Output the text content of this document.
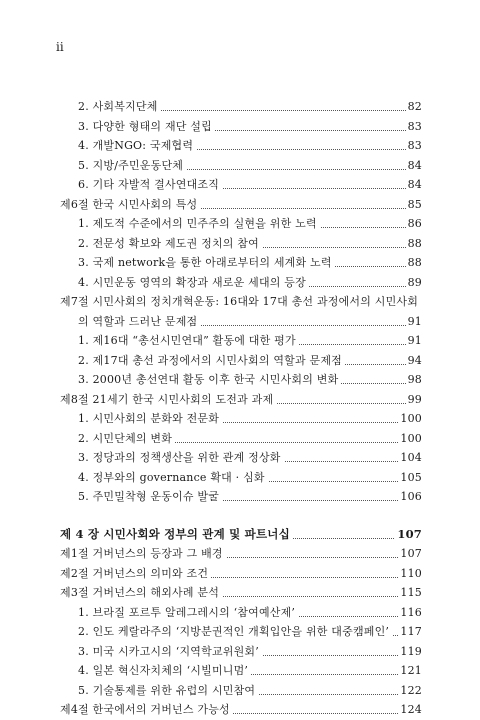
ii
2. 사회복지단체	82
3. 다양한 형태의 재단 설립	83
4. 개발NGO: 국제협력	83
5. 지방/주민운동단체	84
6. 기타 자발적 결사연대조직	84
제6절 한국 시민사회의 특성	85
1. 제도적 수준에서의 민주주의 실현을 위한 노력	86
2. 전문성 확보와 제도권 정치의 참여	88
3. 국제 network을 통한 아래로부터의 세계화 노력	88
4. 시민운동 영역의 확장과 새로운 세대의 등장	89
제7절 시민사회의 정치개혁운동: 16대와 17대 총선 과정에서의 시민사회
의 역할과 드러난 문제점	91
1. 제16대 “총선시민연대” 활동에 대한 평가	91
2. 제17대 총선 과정에서의 시민사회의 역할과 문제점	94
3. 2000년 총선연대 활동 이후 한국 시민사회의 변화	98
제8절 21세기 한국 시민사회의 도전과 과제	99
1. 시민사회의 분화와 전문화	100
2. 시민단체의 변화	100
3. 정당과의 정책생산을 위한 관계 정상화	104
4. 정부와의 governance 확대 · 심화	105
5. 주민밀착형 운동이슈 발굴	106
제 4 장 시민사회와 정부의 관계 및 파트너십	107
제1절 거버넌스의 등장과 그 배경	107
제2절 거버넌스의 의미와 조건	110
제3절 거버넌스의 해외사례 분석	115
1. 브라질 포르투 알레그레시의 ‘참여예산제’	116
2. 인도 케랄라주의 ‘지방분권적인 개획입안을 위한 대중캠페인’ 117
3. 미국 시카고시의 ‘지역학교위원회’	119
4. 일본 혁신자치체의 ‘시빌미니멈’	121
5. 기술통제를 위한 유럽의 시민참여	122
제4절 한국에서의 거버넌스 가능성	124
